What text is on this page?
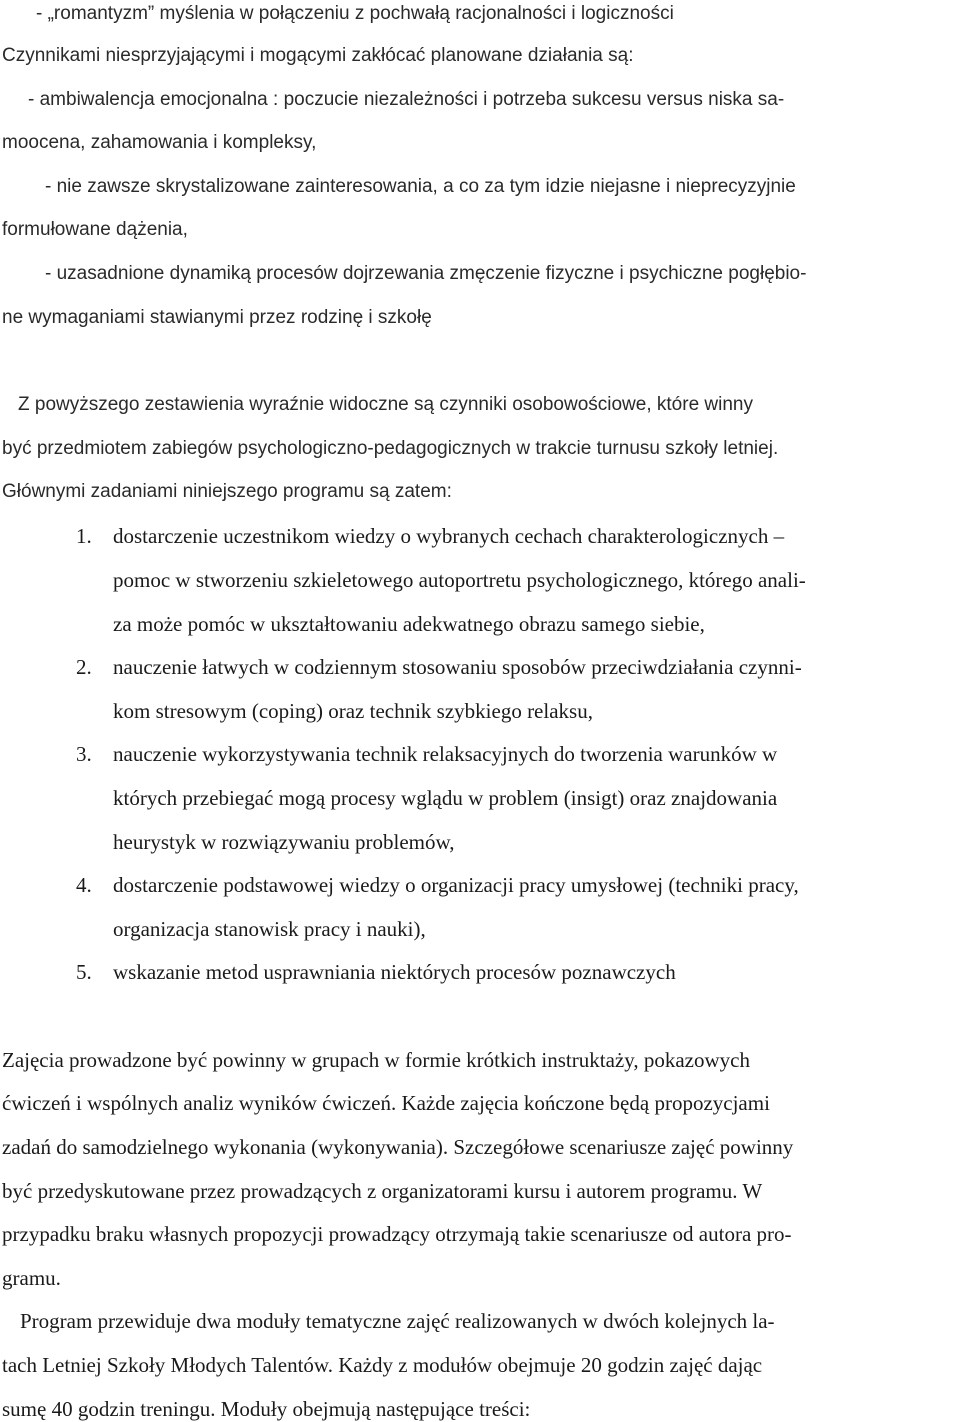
- „romantyzm” myślenia w połączeniu z pochwałą racjonalności i logiczności
Czynnikami niesprzyjającymi i mogącymi zakłócać planowane działania są:
- ambiwalencja emocjonalna : poczucie niezależności i potrzeba sukcesu versus niska sa-
moocena, zahamowania i kompleksy,
- nie zawsze skrystalizowane zainteresowania, a co za tym idzie niejasne i nieprecyzyjnie
formułowane dążenia,
- uzasadnione dynamiką procesów dojrzewania zmęczenie fizyczne i psychiczne pogłębio-
ne wymaganiami stawianymi przez rodzinę i szkołę
Z powyższego zestawienia wyraźnie widoczne są czynniki osobowościowe, które winny
być przedmiotem zabiegów psychologiczno-pedagogicznych w trakcie turnusu szkoły letniej.
Głównymi zadaniami niniejszego programu są zatem:
1. dostarczenie uczestnikom wiedzy o wybranych cechach charakterologicznych –
pomoc w stworzeniu szkieletowego autoportretu psychologicznego, którego anali-
za może pomóc w ukształtowaniu adekwatnego obrazu samego siebie,
2. nauczenie łatwych w codziennym stosowaniu sposobów przeciwdziałania czynni-
kom stresowym (coping) oraz technik szybkiego relaksu,
3. nauczenie wykorzystywania technik relaksacyjnych do tworzenia warunków w
których przebiegać mogą procesy wglądu w problem (insigt) oraz znajdowania
heurystyk w rozwiązywaniu problemów,
4. dostarczenie podstawowej wiedzy o organizacji pracy umysłowej (techniki pracy,
organizacja stanowisk pracy i nauki),
5. wskazanie metod usprawniania niektórych procesów poznawczych
Zajęcia prowadzone być powinny w grupach w formie krótkich instruktaży, pokazowych
ćwiczeń i wspólnych analiz wyników ćwiczeń. Każde zajęcia kończone będą propozycjami
zadań do samodzielnego wykonania (wykonywania). Szczegółowe scenariusze zajęć powinny
być przedyskutowane przez prowadzących z organizatorami kursu i autorem programu. W
przypadku braku własnych propozycji prowadzący otrzymają takie scenariusze od autora pro-
gramu.
Program przewiduje dwa moduły tematyczne zajęć realizowanych w dwóch kolejnych la-
tach Letniej Szkoły Młodych Talentów. Każdy z modułów obejmuje 20 godzin zajęć dając
sumę 40 godzin treningu. Moduły obejmują następujące treści:
